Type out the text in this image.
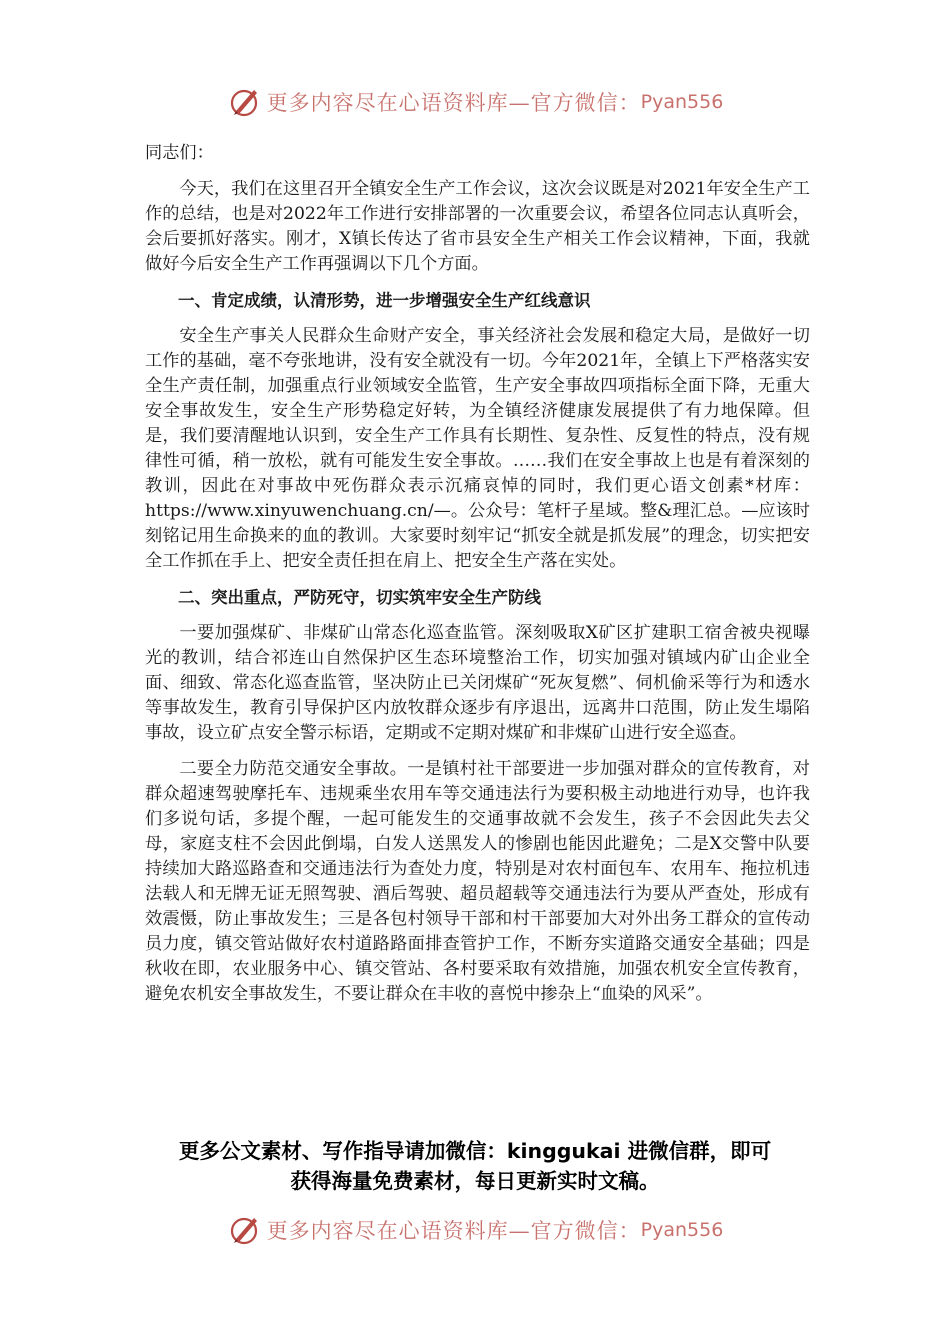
更多内容尽在心语资料库—官方微信： Pyan556

同志们：

今天，我们在这里召开全镇安全生产工作会议，这次会议既是对2021年安全生产工作的总结，也是对2022年工作进行安排部署的一次重要会议，希望各位同志认真听会，会后要抓好落实。刚才，X镇长传达了省市县安全生产相关工作会议精神，下面，我就做好今后安全生产工作再强调以下几个方面。

一、肯定成绩，认清形势，进一步增强安全生产红线意识

安全生产事关人民群众生命财产安全，事关经济社会发展和稳定大局，是做好一切工作的基础，毫不夸张地讲，没有安全就没有一切。今年2021年，全镇上下严格落实安全生产责任制，加强重点行业领域安全监管，生产安全事故四项指标全面下降，无重大安全事故发生，安全生产形势稳定好转，为全镇经济健康发展提供了有力地保障。但是，我们要清醒地认识到，安全生产工作具有长期性、复杂性、反复性的特点，没有规律性可循，稍一放松，就有可能发生安全事故。……我们在安全事故上也是有着深刻的教训，因此在对事故中死伤群众表示沉痛哀悼的同时，我们更心语文创素*材库：https://www.xinyuwenchuang.cn/—。公众号：笔杆子星域。整&理汇总。—应该时刻铭记用生命换来的血的教训。大家要时刻牢记“抓安全就是抓发展”的理念，切实把安全工作抓在手上、把安全责任担在肩上、把安全生产落在实处。

二、突出重点，严防死守，切实筑牢安全生产防线

一要加强煤矿、非煤矿山常态化巡查监管。深刻吸取X矿区扩建职工宿舍被央视曝光的教训，结合祁连山自然保护区生态环境整治工作，切实加强对镇域内矿山企业全面、细致、常态化巡查监管，坚决防止已关闭煤矿“死灰复燃”、伺机偷采等行为和透水等事故发生，教育引导保护区内放牧群众逐步有序退出，远离井口范围，防止发生塌陷事故，设立矿点安全警示标语，定期或不定期对煤矿和非煤矿山进行安全巡查。

二要全力防范交通安全事故。一是镇村社干部要进一步加强对群众的宣传教育，对群众超速驾驶摩托车、违规乘坐农用车等交通违法行为要积极主动地进行劝导，也许我们多说句话，多提个醒，一起可能发生的交通事故就不会发生，孩子不会因此失去父母，家庭支柱不会因此倒塌，白发人送黑发人的惨剧也能因此避免；二是X交警中队要持续加大路巡路查和交通违法行为查处力度，特别是对农村面包车、农用车、拖拉机违法载人和无牌无证无照驾驶、酒后驾驶、超员超载等交通违法行为要从严查处，形成有效震慑，防止事故发生；三是各包村领导干部和村干部要加大对外出务工群众的宣传动员力度，镇交管站做好农村道路路面排查管护工作，不断夯实道路交通安全基础；四是秋收在即，农业服务中心、镇交管站、各村要采取有效措施，加强农机安全宣传教育，避免农机安全事故发生，不要让群众在丰收的喜悦中掺杂上“血染的风采”。

更多公文素材、写作指导请加微信：kinggukai 进微信群，即可
获得海量免费素材，每日更新实时文稿。
更多内容尽在心语资料库—官方微信： Pyan556
